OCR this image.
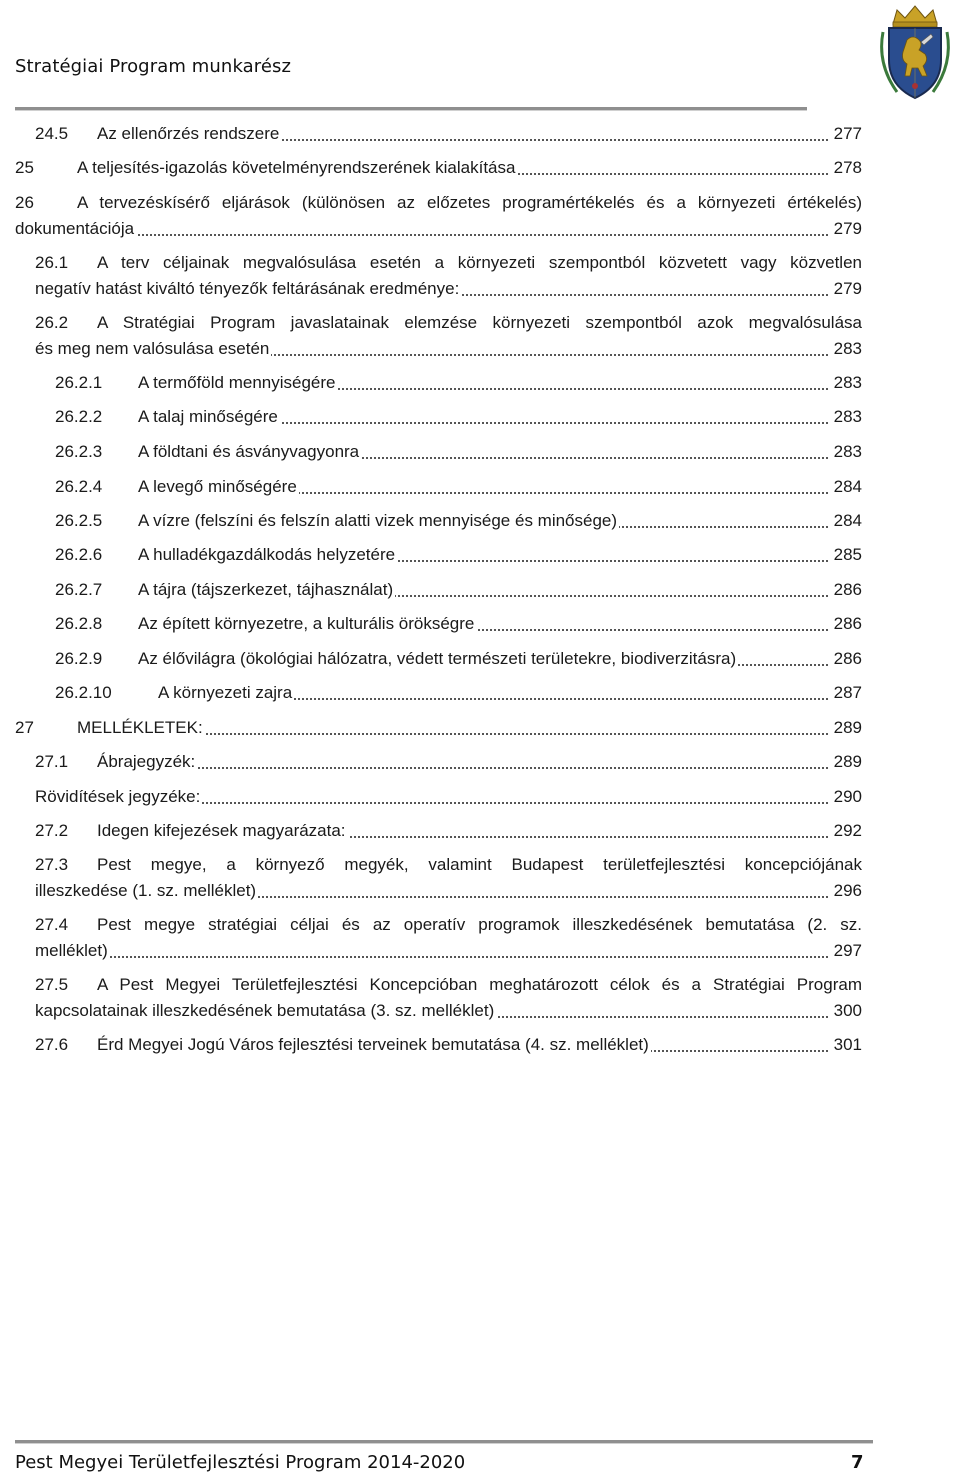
Stratégiai Program munkarész
24.5 Az ellenőrzés rendszere	277
25	A teljesítés-igazolás követelményrendszerének kialakítása	278
26	A tervezéskísérő eljárások (különösen az előzetes programértékelés és a környezeti értékelés)
dokumentációja	279
26.1 A terv céljainak megvalósulása esetén a környezeti szempontból közvetett vagy közvetlen
negatív hatást kiváltó tényezők feltárásának eredménye:	279
26.2 A Stratégiai Program javaslatainak elemzése környezeti szempontból azok megvalósulása
és meg nem valósulása esetén	283
26.2.1 A termőföld mennyiségére	283
26.2.2 A talaj minőségére	283
26.2.3 A földtani és ásványvagyonra	283
26.2.4 A levegő minőségére	284
26.2.5 A vízre (felszíni és felszín alatti vizek mennyisége és minősége)	284
26.2.6 A hulladékgazdálkodás helyzetére	285
26.2.7 A tájra (tájszerkezet, tájhasználat)	286
26.2.8 Az épített környezetre, a kulturális örökségre	286
26.2.9 Az élővilágra (ökológiai hálózatra, védett természeti területekre, biodiverzitásra)	286
26.2.10	A környezeti zajra	287
27	MELLÉKLETEK:	289
27.1 Ábrajegyzék:	289
Rövidítések jegyzéke:	290
27.2 Idegen kifejezések magyarázata:	292
27.3 Pest megye, a környező megyék, valamint Budapest területfejlesztési koncepciójának
illeszkedése (1. sz. melléklet)	296
27.4 Pest megye stratégiai céljai és az operatív programok illeszkedésének bemutatása (2. sz.
melléklet)	297
27.5 A Pest Megyei Területfejlesztési Koncepcióban meghatározott célok és a Stratégiai Program
kapcsolatainak illeszkedésének bemutatása (3. sz. melléklet)	300
27.6 Érd Megyei Jogú Város fejlesztési terveinek bemutatása (4. sz. melléklet)	301
Pest Megyei Területfejlesztési Program 2014-2020	7
